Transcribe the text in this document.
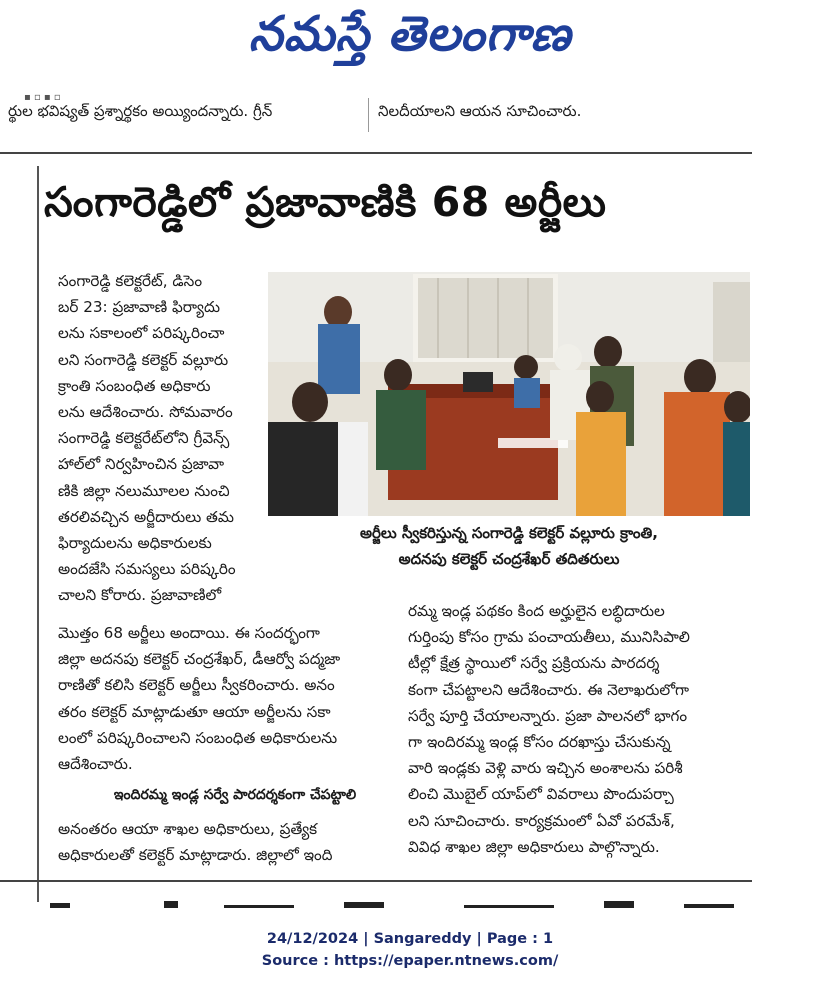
నమస్తే తెలంగాణ
▪ ▫ ▪ ▫
ర్థుల భవిష్యత్ ప్రశ్నార్థకం అయ్యిందన్నారు. గ్రీన్	నిలదీయాలని ఆయన సూచించారు.
సంగారెడ్డిలో ప్రజావాణికి 68 అర్జీలు

సంగారెడ్డి కలెక్టరేట్, డిసెం

బర్ 23: ప్రజావాణి ఫిర్యాదు

లను సకాలంలో పరిష్కరించా

లని సంగారెడ్డి కలెక్టర్ వల్లూరు

క్రాంతి సంబంధిత అధికారు

లను ఆదేశించారు. సోమవారం

సంగారెడ్డి కలెక్టరేట్‌లోని గ్రీవెన్స్

హాల్‌లో నిర్వహించిన ప్రజావా

ణికి జిల్లా నలుమూలల నుంచి

తరలివచ్చిన అర్జీదారులు తమ

ఫిర్యాదులను అధికారులకు

అందజేసి సమస్యలు పరిష్కరిం

చాలని కోరారు. ప్రజావాణిలో

మొత్తం 68 అర్జీలు అందాయి. ఈ సందర్భంగా

జిల్లా అదనపు కలెక్టర్ చంద్రశేఖర్, డీఆర్వో పద్మజా

రాణితో కలిసి కలెక్టర్ అర్జీలు స్వీకరించారు. అనం

తరం కలెక్టర్ మాట్లాడుతూ ఆయా అర్జీలను సకా

లంలో పరిష్కరించాలని సంబంధిత అధికారులను

ఆదేశించారు.

ఇందిరమ్మ ఇండ్ల సర్వే పారదర్శకంగా చేపట్టాలి

అనంతరం ఆయా శాఖల అధికారులు, ప్రత్యేక

అధికారులతో కలెక్టర్ మాట్లాడారు. జిల్లాలో ఇంది

రమ్మ ఇండ్ల పథకం కింద అర్హులైన లబ్ధిదారుల

గుర్తింపు కోసం గ్రామ పంచాయతీలు, మునిసిపాలి

టీల్లో క్షేత్ర స్థాయిలో సర్వే ప్రక్రియను పారదర్శ

కంగా చేపట్టాలని ఆదేశించారు. ఈ నెలాఖరులోగా

సర్వే పూర్తి చేయాలన్నారు. ప్రజా పాలనలో భాగం

గా ఇందిరమ్మ ఇండ్ల కోసం దరఖాస్తు చేసుకున్న

వారి ఇండ్లకు వెళ్లి వారు ఇచ్చిన అంశాలను పరిశీ

లించి మొబైల్ యాప్‌లో వివరాలు పొందుపర్చా

లని సూచించారు. కార్యక్రమంలో ఏవో పరమేశ్,

వివిధ శాఖల జిల్లా అధికారులు పాల్గొన్నారు.

అర్జీలు స్వీకరిస్తున్న సంగారెడ్డి కలెక్టర్ వల్లూరు క్రాంతి,
అదనపు కలెక్టర్ చంద్రశేఖర్ తదితరులు
24/12/2024 | Sangareddy | Page : 1
Source : https://epaper.ntnews.com/
